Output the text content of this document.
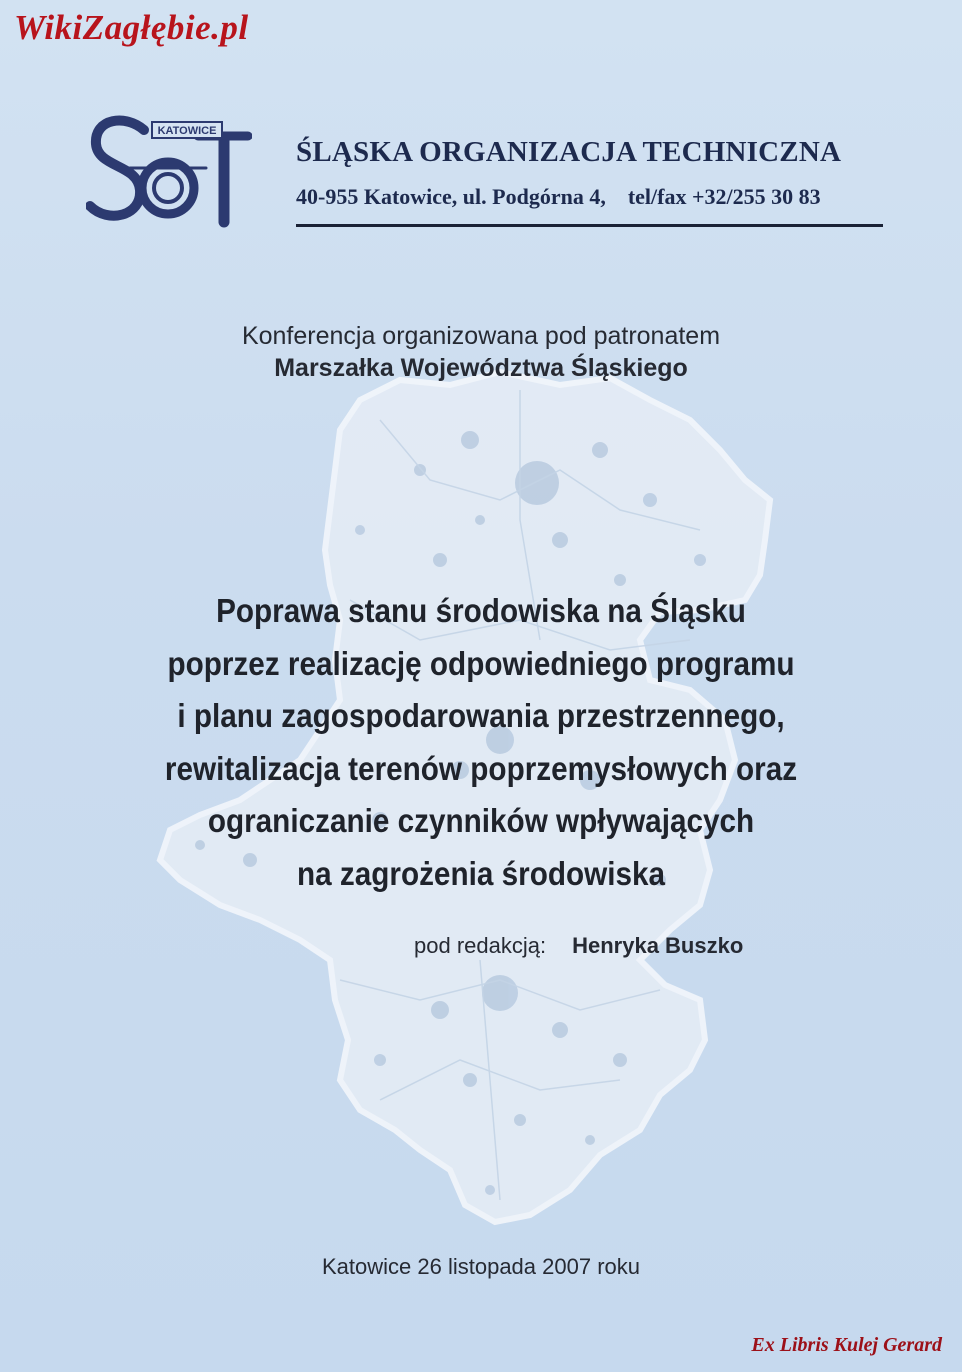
WikiZagłębie.pl
KATOWICE
ŚLĄSKA ORGANIZACJA TECHNICZNA
40-955 Katowice, ul. Podgórna 4, tel/fax +32/255 30 83
Konferencja organizowana pod patronatem
Marszałka Województwa Śląskiego
Poprawa stanu środowiska na Śląsku
poprzez realizację odpowiedniego programu
i planu zagospodarowania przestrzennego,
rewitalizacja terenów poprzemysłowych oraz
ograniczanie czynników wpływających
na zagrożenia środowiska
pod redakcją: Henryka Buszko
Katowice 26 listopada 2007 roku
Ex Libris Kulej Gerard
